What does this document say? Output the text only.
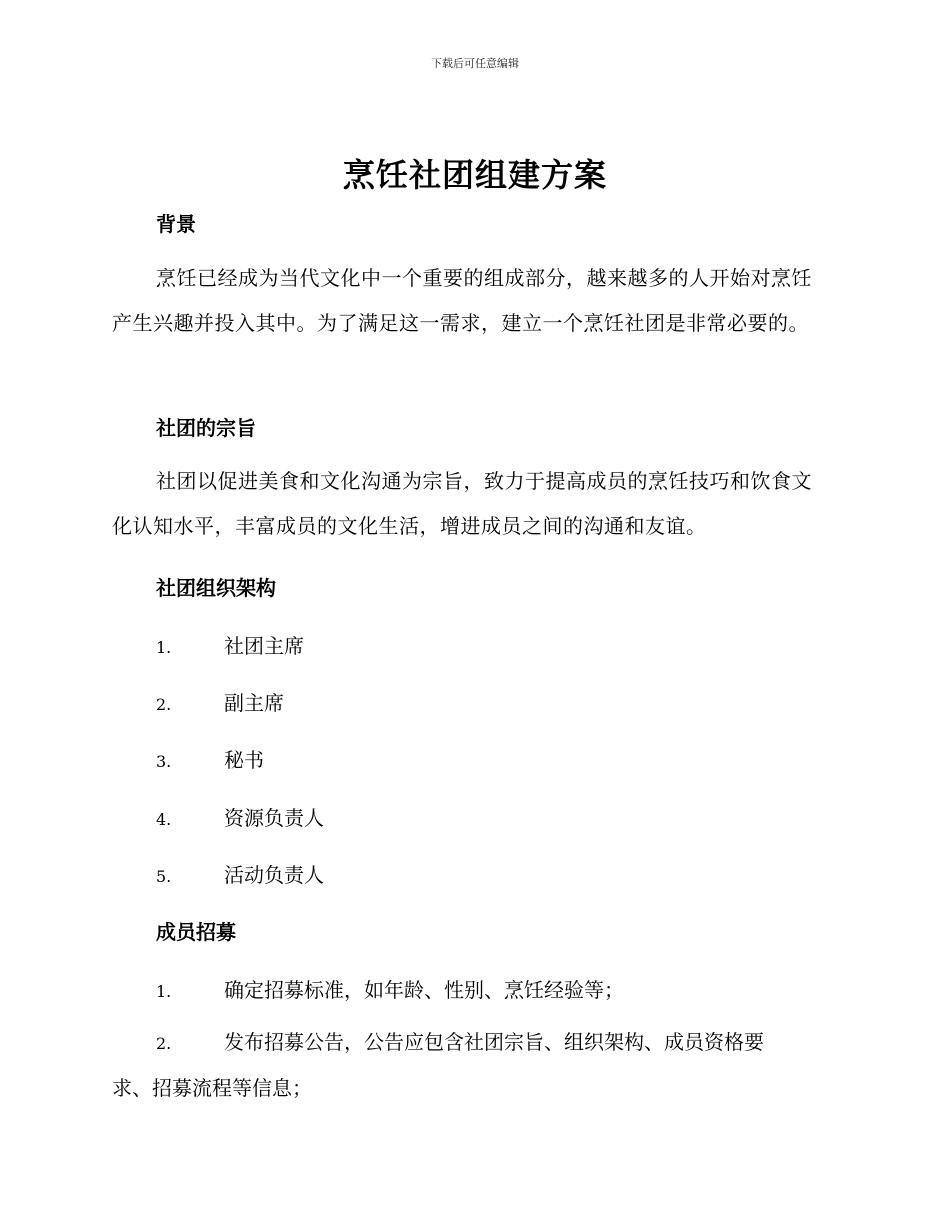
下载后可任意编辑
烹饪社团组建方案
背景

烹饪已经成为当代文化中一个重要的组成部分，越来越多的人开始对烹饪产生兴趣并投入其中。为了满足这一需求，建立一个烹饪社团是非常必要的。

社团的宗旨

社团以促进美食和文化沟通为宗旨，致力于提高成员的烹饪技巧和饮食文化认知水平，丰富成员的文化生活，增进成员之间的沟通和友谊。

社团组织架构
1.	社团主席
2.	副主席
3.	秘书
4.	资源负责人
5.	活动负责人
成员招募
1.	确定招募标准，如年龄、性别、烹饪经验等；
2.	发布招募公告，公告应包含社团宗旨、组织架构、成员资格要
求、招募流程等信息；
